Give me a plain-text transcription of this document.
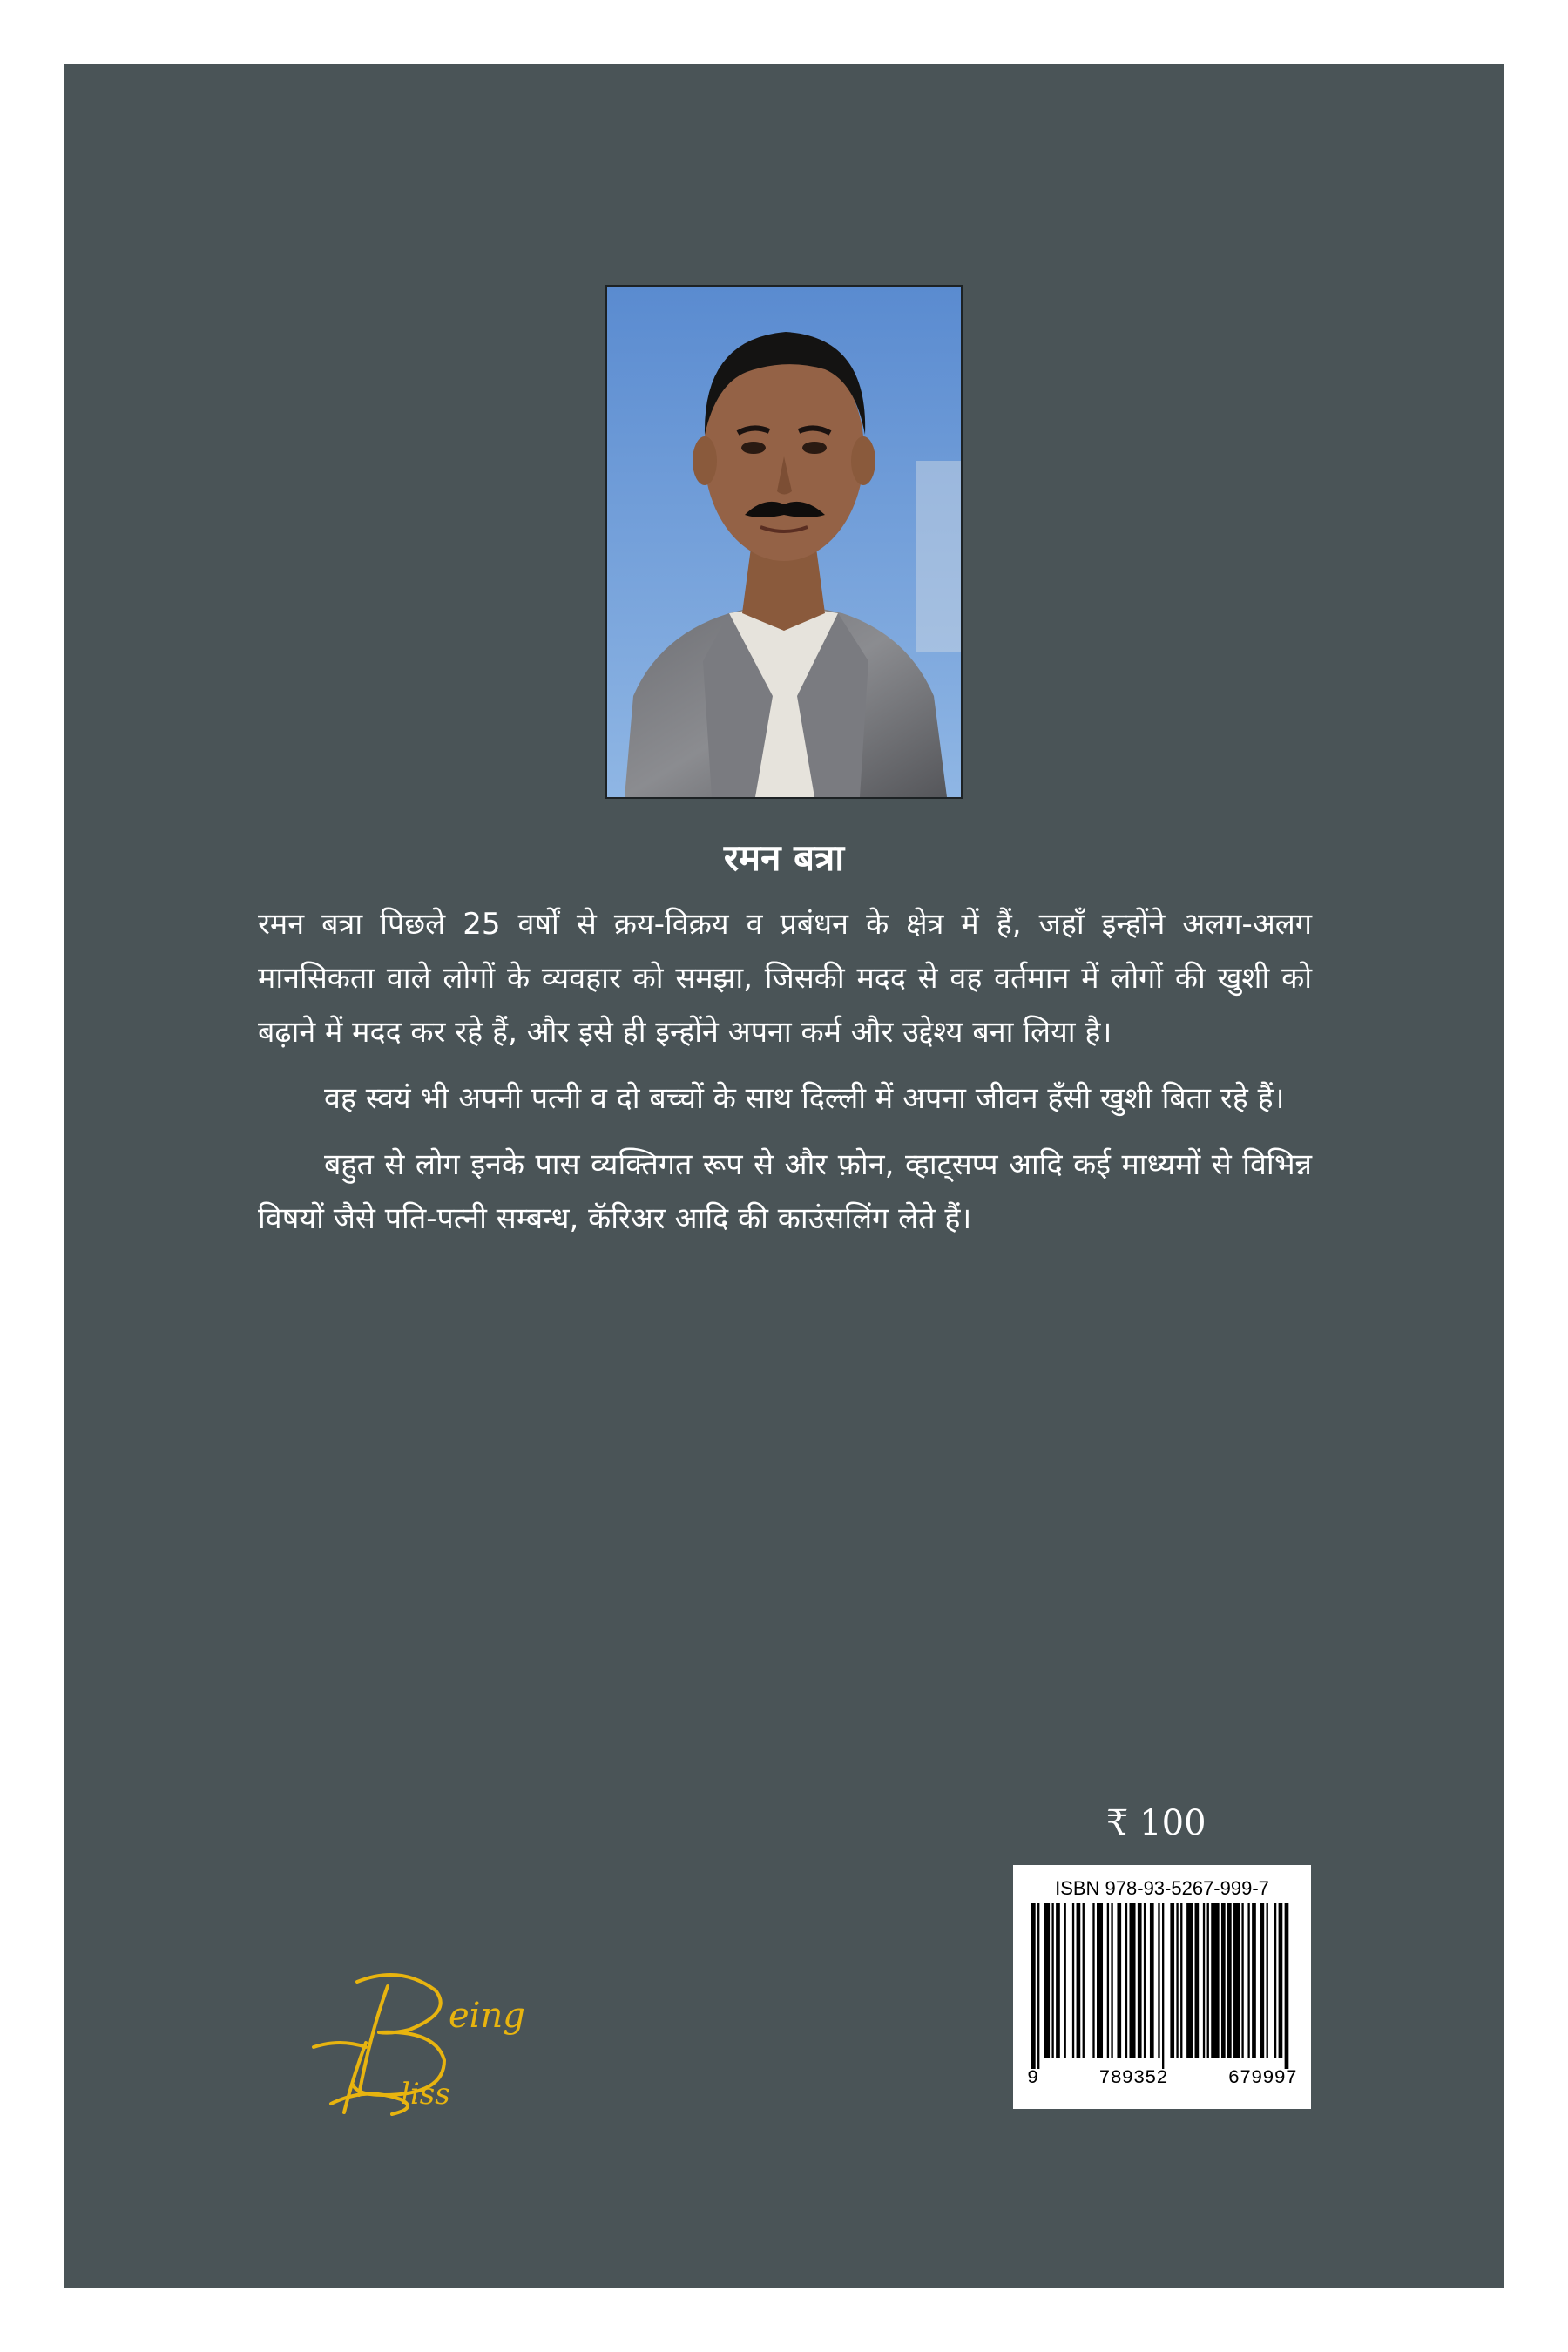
रमन बत्रा

रमन बत्रा पिछले 25 वर्षों से क्रय-विक्रय व प्रबंधन के क्षेत्र में हैं, जहाँ इन्होंने अलग-अलग मानसिकता वाले लोगों के व्यवहार को समझा, जिसकी मदद से वह वर्तमान में लोगों की खुशी को बढ़ाने में मदद कर रहे हैं, और इसे ही इन्होंने अपना कर्म और उद्देश्य बना लिया है।

वह स्वयं भी अपनी पत्नी व दो बच्चों के साथ दिल्ली में अपना जीवन हँसी खुशी बिता रहे हैं।

बहुत से लोग इनके पास व्यक्तिगत रूप से और फ़ोन, व्हाट्सप्प आदि कई माध्यमों से विभिन्न विषयों जैसे पति-पत्नी सम्बन्ध, कॅरिअर आदि की काउंसलिंग लेते हैं।

₹ 100
ISBN 978-93-5267-999-7
9	789352	679997
eing
liss
